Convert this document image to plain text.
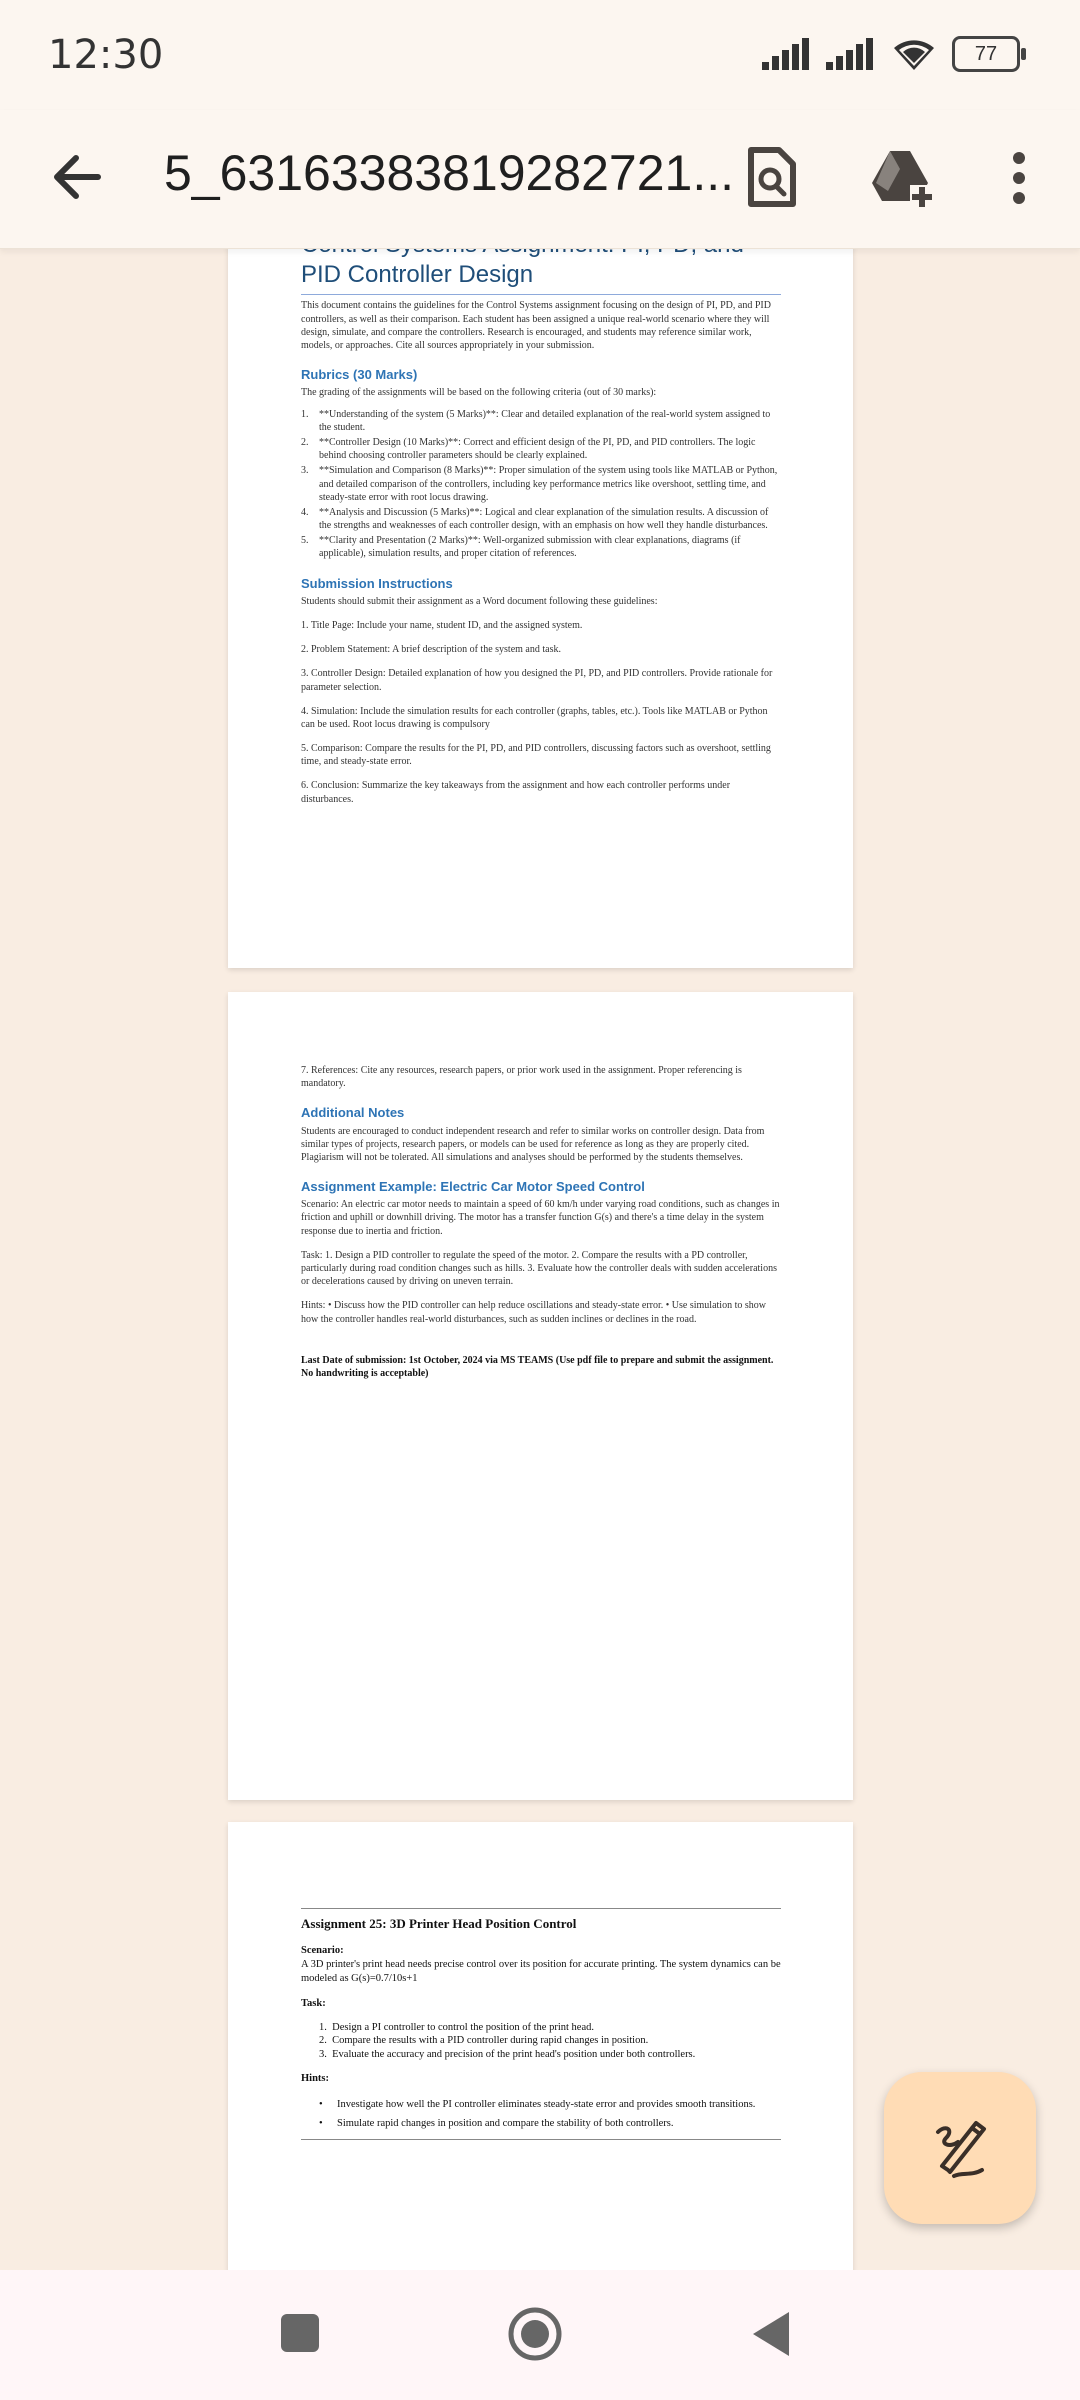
12:30	77
5_63163383819282721...
PID Controller Design

This document contains the guidelines for the Control Systems assignment focusing on the design of PI, PD, and PID controllers, as well as their comparison. Each student has been assigned a unique real-world scenario where they will design, simulate, and compare the controllers. Research is encouraged, and students may reference similar work, models, or approaches. Cite all sources appropriately in your submission.

Rubrics (30 Marks)
The grading of the assignments will be based on the following criteria (out of 30 marks):
1. **Understanding of the system (5 Marks)**: Clear and detailed explanation of the real-world system assigned to the student.
2. **Controller Design (10 Marks)**: Correct and efficient design of the PI, PD, and PID controllers. The logic behind choosing controller parameters should be clearly explained.
3. **Simulation and Comparison (8 Marks)**: Proper simulation of the system using tools like MATLAB or Python, and detailed comparison of the controllers, including key performance metrics like overshoot, settling time, and steady-state error with root locus drawing.
4. **Analysis and Discussion (5 Marks)**: Logical and clear explanation of the simulation results. A discussion of the strengths and weaknesses of each controller design, with an emphasis on how well they handle disturbances.
5. **Clarity and Presentation (2 Marks)**: Well-organized submission with clear explanations, diagrams (if applicable), simulation results, and proper citation of references.
Submission Instructions

Students should submit their assignment as a Word document following these guidelines:

1. Title Page: Include your name, student ID, and the assigned system.

2. Problem Statement: A brief description of the system and task.

3. Controller Design: Detailed explanation of how you designed the PI, PD, and PID controllers. Provide rationale for parameter selection.

4. Simulation: Include the simulation results for each controller (graphs, tables, etc.). Tools like MATLAB or Python can be used. Root locus drawing is compulsory

5. Comparison: Compare the results for the PI, PD, and PID controllers, discussing factors such as overshoot, settling time, and steady-state error.

6. Conclusion: Summarize the key takeaways from the assignment and how each controller performs under disturbances.

7. References: Cite any resources, research papers, or prior work used in the assignment. Proper referencing is mandatory.

Additional Notes

Students are encouraged to conduct independent research and refer to similar works on controller design. Data from similar types of projects, research papers, or models can be used for reference as long as they are properly cited. Plagiarism will not be tolerated. All simulations and analyses should be performed by the students themselves.

Assignment Example: Electric Car Motor Speed Control

Scenario: An electric car motor needs to maintain a speed of 60 km/h under varying road conditions, such as changes in friction and uphill or downhill driving. The motor has a transfer function G(s) and there's a time delay in the system response due to inertia and friction.

Task: 1. Design a PID controller to regulate the speed of the motor. 2. Compare the results with a PD controller, particularly during road condition changes such as hills. 3. Evaluate how the controller deals with sudden accelerations or decelerations caused by driving on uneven terrain.

Hints: • Discuss how the PID controller can help reduce oscillations and steady-state error. • Use simulation to show how the controller handles real-world disturbances, such as sudden inclines or declines in the road.

Last Date of submission: 1st October, 2024 via MS TEAMS (Use pdf file to prepare and submit the assignment. No handwriting is acceptable)

Assignment 25: 3D Printer Head Position Control
Scenario:

A 3D printer's print head needs precise control over its position for accurate printing. The system dynamics can be modeled as G(s)=0.7/10s+1

Task:
1.  Design a PI controller to control the position of the print head.
2.  Compare the results with a PID controller during rapid changes in position.
3.  Evaluate the accuracy and precision of the print head's position under both controllers.
Hints:
• Investigate how well the PI controller eliminates steady-state error and provides smooth transitions.
• Simulate rapid changes in position and compare the stability of both controllers.
